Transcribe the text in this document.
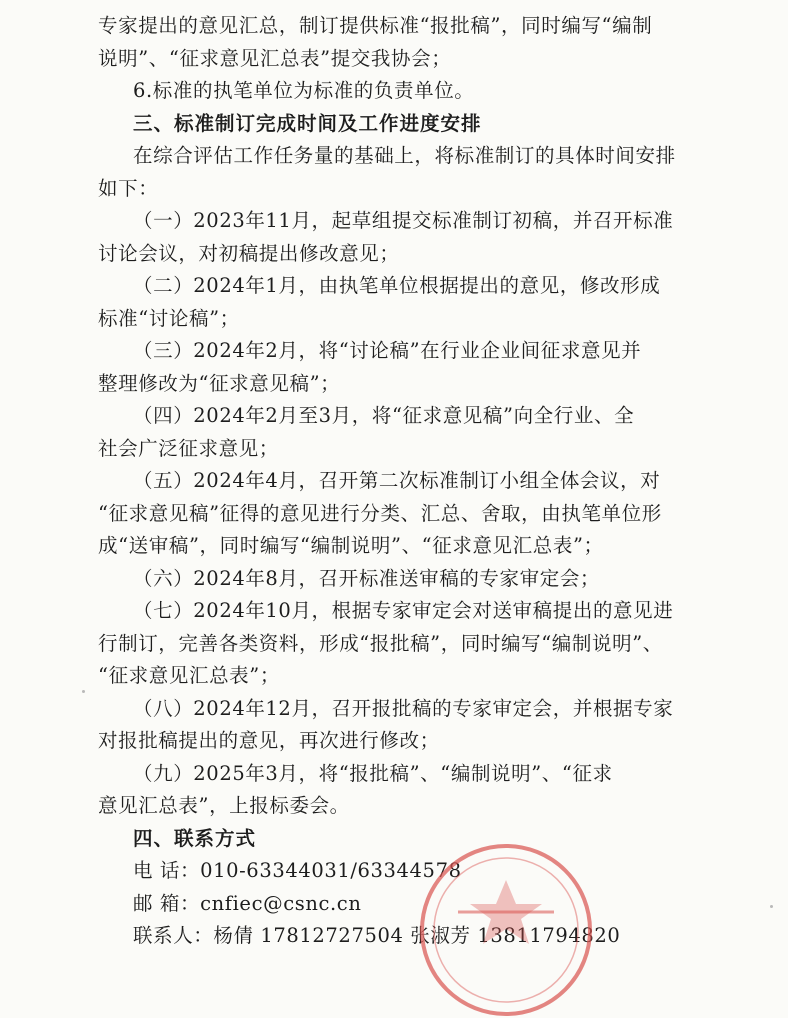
专家提出的意见汇总，制订提供标准“报批稿”，同时编写“编制
说明”、“征求意见汇总表”提交我协会；
6.标准的执笔单位为标准的负责单位。
三、标准制订完成时间及工作进度安排
在综合评估工作任务量的基础上，将标准制订的具体时间安排
如下：
（一）2023年11月，起草组提交标准制订初稿，并召开标准
讨论会议，对初稿提出修改意见；
（二）2024年1月，由执笔单位根据提出的意见，修改形成
标准“讨论稿”；
（三）2024年2月，将“讨论稿”在行业企业间征求意见并
整理修改为“征求意见稿”；
（四）2024年2月至3月，将“征求意见稿”向全行业、全
社会广泛征求意见；
（五）2024年4月，召开第二次标准制订小组全体会议，对
“征求意见稿”征得的意见进行分类、汇总、舍取，由执笔单位形
成“送审稿”，同时编写“编制说明”、“征求意见汇总表”；
（六）2024年8月，召开标准送审稿的专家审定会；
（七）2024年10月，根据专家审定会对送审稿提出的意见进
行制订，完善各类资料，形成“报批稿”，同时编写“编制说明”、
“征求意见汇总表”；
（八）2024年12月，召开报批稿的专家审定会，并根据专家
对报批稿提出的意见，再次进行修改；
（九）2025年3月，将“报批稿”、“编制说明”、“征求
意见汇总表”，上报标委会。
四、联系方式
电 话：010-63344031/63344578
邮 箱：cnfiec@csnc.cn
联系人：杨倩 17812727504 张淑芳 13811794820
